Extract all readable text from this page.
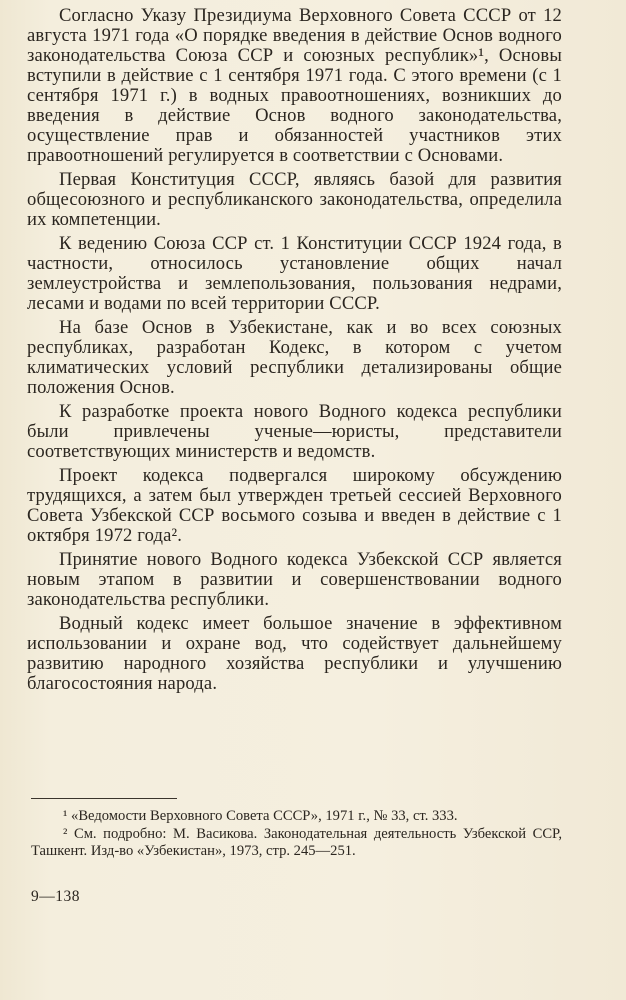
Согласно Указу Президиума Верховного Совета СССР от 12 августа 1971 года «О порядке введения в действие Основ водного законодательства Союза ССР и союзных республик»¹, Основы вступили в действие с 1 сентября 1971 года. С этого времени (с 1 сентября 1971 г.) в водных правоотношениях, возникших до введения в действие Основ водного законодательства, осуществление прав и обязанностей участников этих правоотношений регулируется в соответствии с Основами.

Первая Конституция СССР, являясь базой для развития общесоюзного и республиканского законодательства, определила их компетенции.

К ведению Союза ССР ст. 1 Конституции СССР 1924 года, в частности, относилось установление общих начал землеустройства и землепользования, пользования недрами, лесами и водами по всей территории СССР.

На базе Основ в Узбекистане, как и во всех союзных республиках, разработан Кодекс, в котором с учетом климатических условий республики детализированы общие положения Основ.

К разработке проекта нового Водного кодекса республики были привлечены ученые—юристы, представители соответствующих министерств и ведомств.

Проект кодекса подвергался широкому обсуждению трудящихся, а затем был утвержден третьей сессией Верховного Совета Узбекской ССР восьмого созыва и введен в действие с 1 октября 1972 года².

Принятие нового Водного кодекса Узбекской ССР является новым этапом в развитии и совершенствовании водного законодательства республики.

Водный кодекс имеет большое значение в эффективном использовании и охране вод, что содействует дальнейшему развитию народного хозяйства республики и улучшению благосостояния народа.

¹ «Ведомости Верховного Совета СССР», 1971 г., № 33, ст. 333.

² См. подробно: М. Васикова. Законодательная деятельность Узбекской ССР, Ташкент. Изд-во «Узбекистан», 1973, стр. 245—251.

9—138
